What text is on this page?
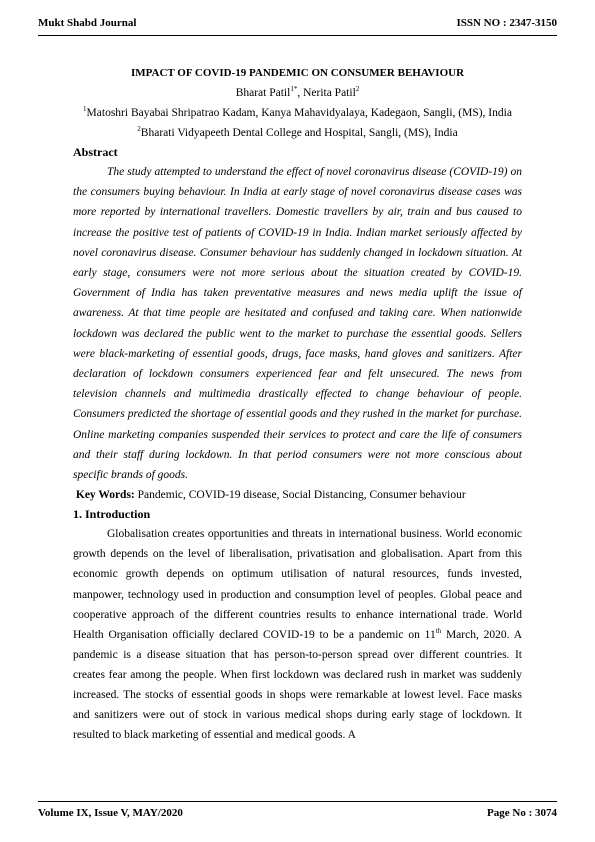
Mukt Shabd Journal	ISSN NO : 2347-3150
IMPACT OF COVID-19 PANDEMIC ON CONSUMER BEHAVIOUR
Bharat Patil$^{1*}$, Nerita Patil$^2$
$^1$Matoshri Bayabai Shripatrao Kadam, Kanya Mahavidyalaya, Kadegaon, Sangli, (MS), India
$^2$Bharati Vidyapeeth Dental College and Hospital, Sangli, (MS), India
Abstract

The study attempted to understand the effect of novel coronavirus disease (COVID-19) on the consumers buying behaviour. In India at early stage of novel coronavirus disease cases was more reported by international travellers. Domestic travellers by air, train and bus caused to increase the positive test of patients of COVID-19 in India. Indian market seriously affected by novel coronavirus disease. Consumer behaviour has suddenly changed in lockdown situation. At early stage, consumers were not more serious about the situation created by COVID-19. Government of India has taken preventative measures and news media uplift the issue of awareness. At that time people are hesitated and confused and taking care. When nationwide lockdown was declared the public went to the market to purchase the essential goods. Sellers were black-marketing of essential goods, drugs, face masks, hand gloves and sanitizers. After declaration of lockdown consumers experienced fear and felt unsecured. The news from television channels and multimedia drastically effected to change behaviour of people. Consumers predicted the shortage of essential goods and they rushed in the market for purchase. Online marketing companies suspended their services to protect and care the life of consumers and their staff during lockdown. In that period consumers were not more conscious about specific brands of goods.

Key Words: Pandemic, COVID-19 disease, Social Distancing, Consumer behaviour

1. Introduction

Globalisation creates opportunities and threats in international business. World economic growth depends on the level of liberalisation, privatisation and globalisation. Apart from this economic growth depends on optimum utilisation of natural resources, funds invested, manpower, technology used in production and consumption level of peoples. Global peace and cooperative approach of the different countries results to enhance international trade. World Health Organisation officially declared COVID-19 to be a pandemic on 11th March, 2020. A pandemic is a disease situation that has person-to-person spread over different countries. It creates fear among the people. When first lockdown was declared rush in market was suddenly increased. The stocks of essential goods in shops were remarkable at lowest level. Face masks and sanitizers were out of stock in various medical shops during early stage of lockdown. It resulted to black marketing of essential and medical goods. A

Volume IX, Issue V, MAY/2020	Page No : 3074
